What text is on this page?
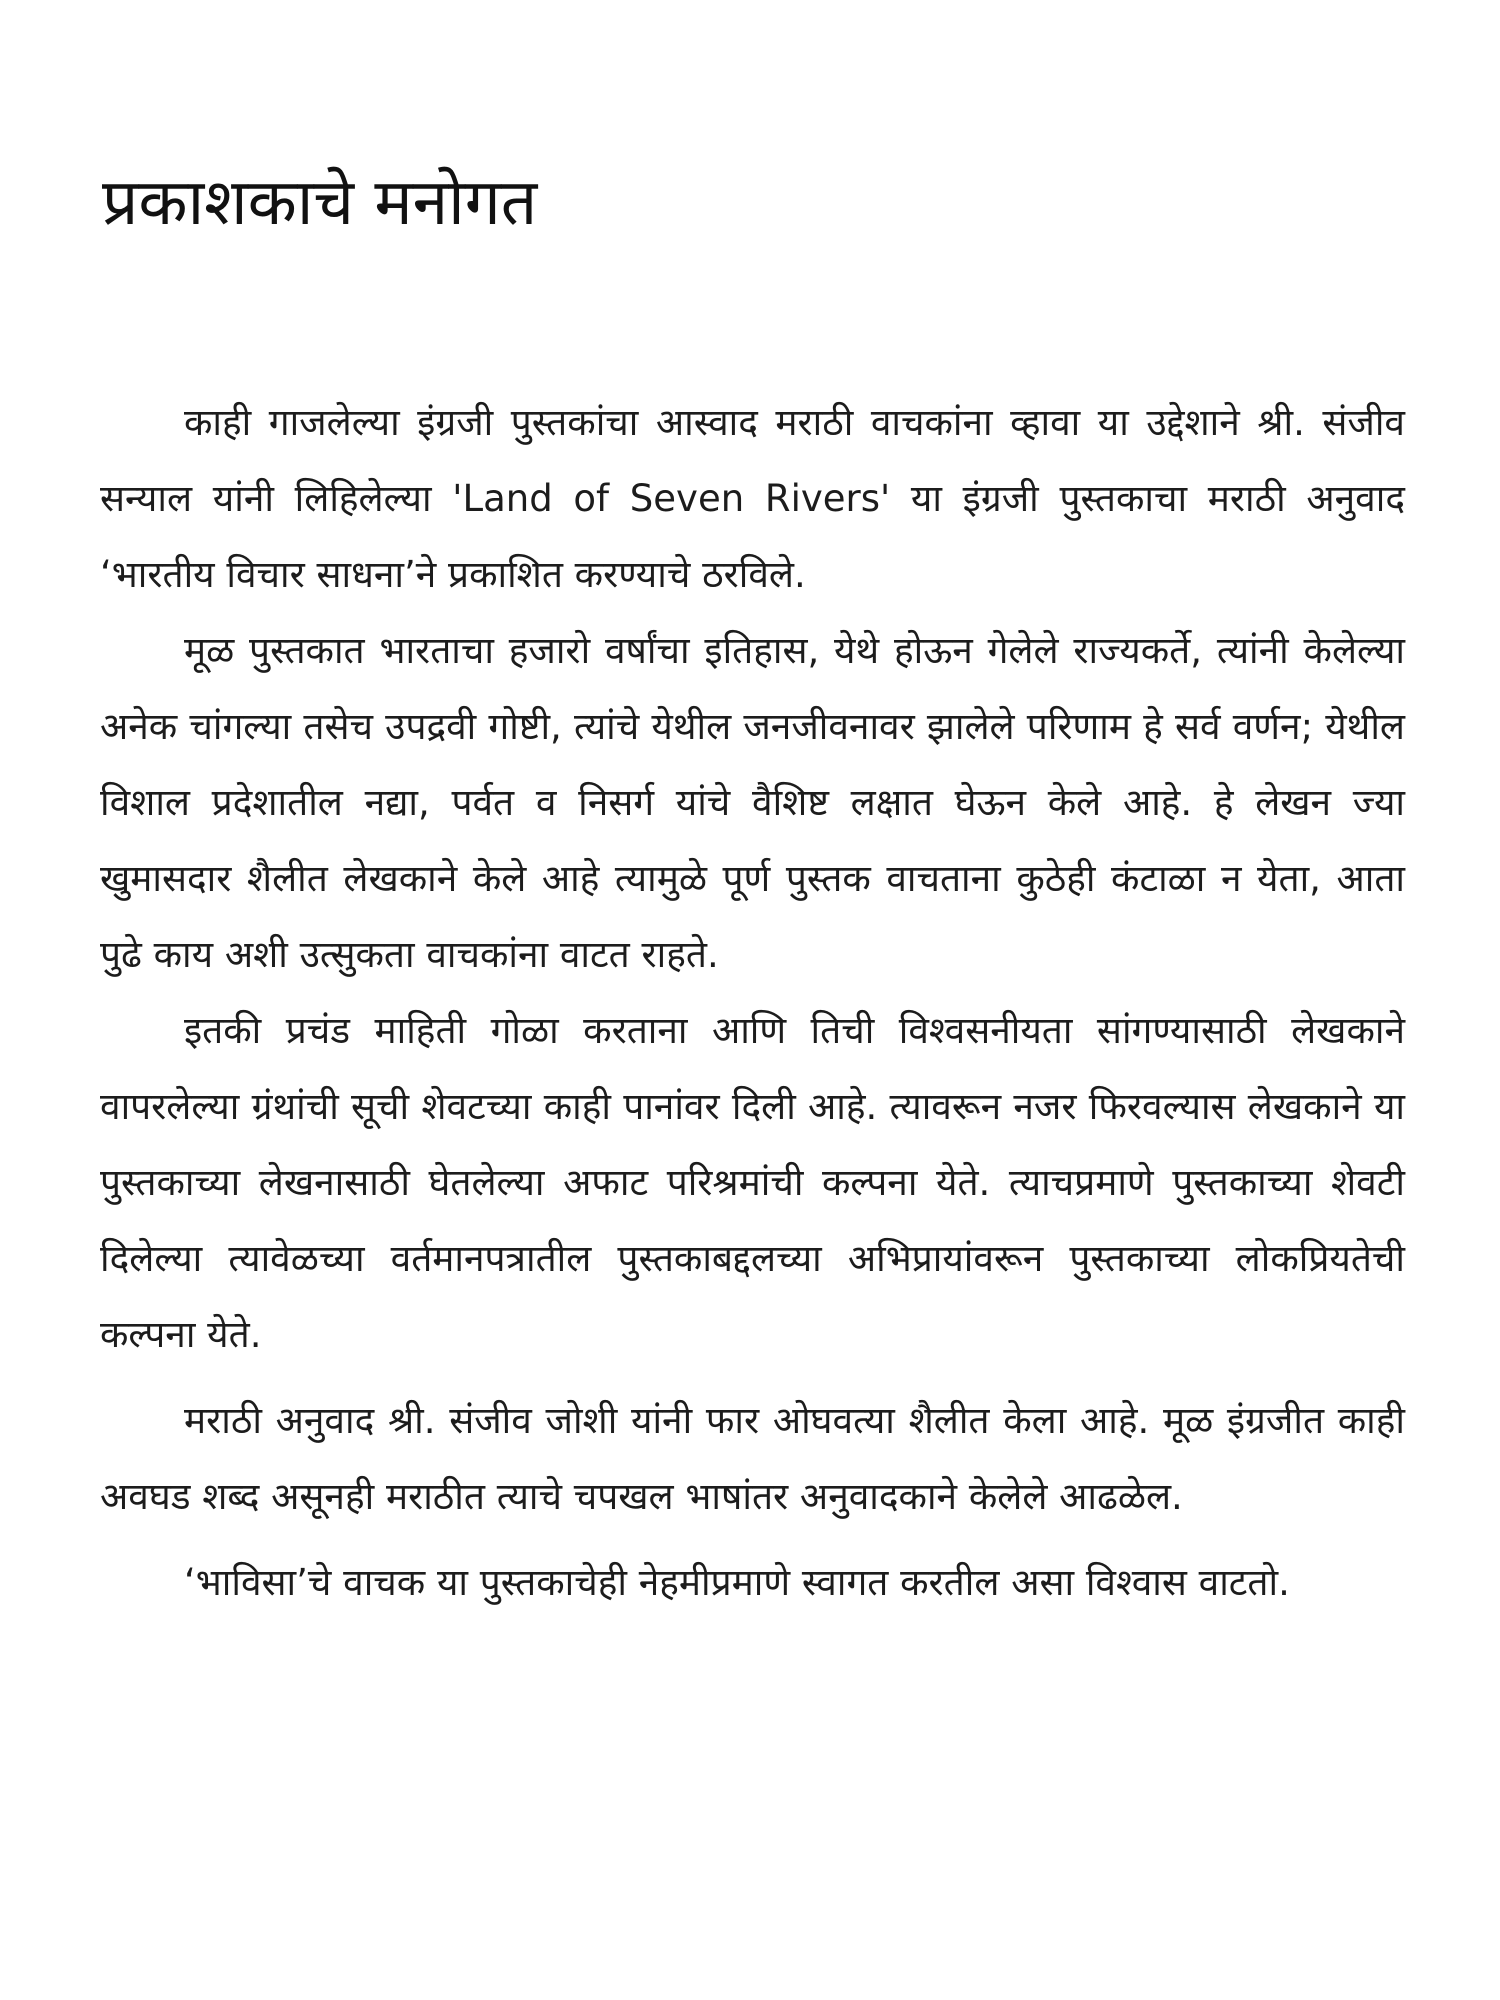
प्रकाशकाचे मनोगत

काही गाजलेल्या इंग्रजी पुस्तकांचा आस्वाद मराठी वाचकांना व्हावा या उद्देशाने श्री. संजीव सन्याल यांनी लिहिलेल्या 'Land of Seven Rivers' या इंग्रजी पुस्तकाचा मराठी अनुवाद ‘भारतीय विचार साधना’ने प्रकाशित करण्याचे ठरविले.

मूळ पुस्तकात भारताचा हजारो वर्षांचा इतिहास, येथे होऊन गेलेले राज्यकर्ते, त्यांनी केलेल्या अनेक चांगल्या तसेच उपद्रवी गोष्टी, त्यांचे येथील जनजीवनावर झालेले परिणाम हे सर्व वर्णन; येथील विशाल प्रदेशातील नद्या, पर्वत व निसर्ग यांचे वैशिष्ट लक्षात घेऊन केले आहे. हे लेखन ज्या खुमासदार शैलीत लेखकाने केले आहे त्यामुळे पूर्ण पुस्तक वाचताना कुठेही कंटाळा न येता, आता पुढे काय अशी उत्सुकता वाचकांना वाटत राहते.

इतकी प्रचंड माहिती गोळा करताना आणि तिची विश्वसनीयता सांगण्यासाठी लेखकाने वापरलेल्या ग्रंथांची सूची शेवटच्या काही पानांवर दिली आहे. त्यावरून नजर फिरवल्यास लेखकाने या पुस्तकाच्या लेखनासाठी घेतलेल्या अफाट परिश्रमांची कल्पना येते. त्याचप्रमाणे पुस्तकाच्या शेवटी दिलेल्या त्यावेळच्या वर्तमानपत्रातील पुस्तकाबद्दलच्या अभिप्रायांवरून पुस्तकाच्या लोकप्रियतेची कल्पना येते.

मराठी अनुवाद श्री. संजीव जोशी यांनी फार ओघवत्या शैलीत केला आहे. मूळ इंग्रजीत काही अवघड शब्द असूनही मराठीत त्याचे चपखल भाषांतर अनुवादकाने केलेले आढळेल.

‘भाविसा’चे वाचक या पुस्तकाचेही नेहमीप्रमाणे स्वागत करतील असा विश्वास वाटतो.
